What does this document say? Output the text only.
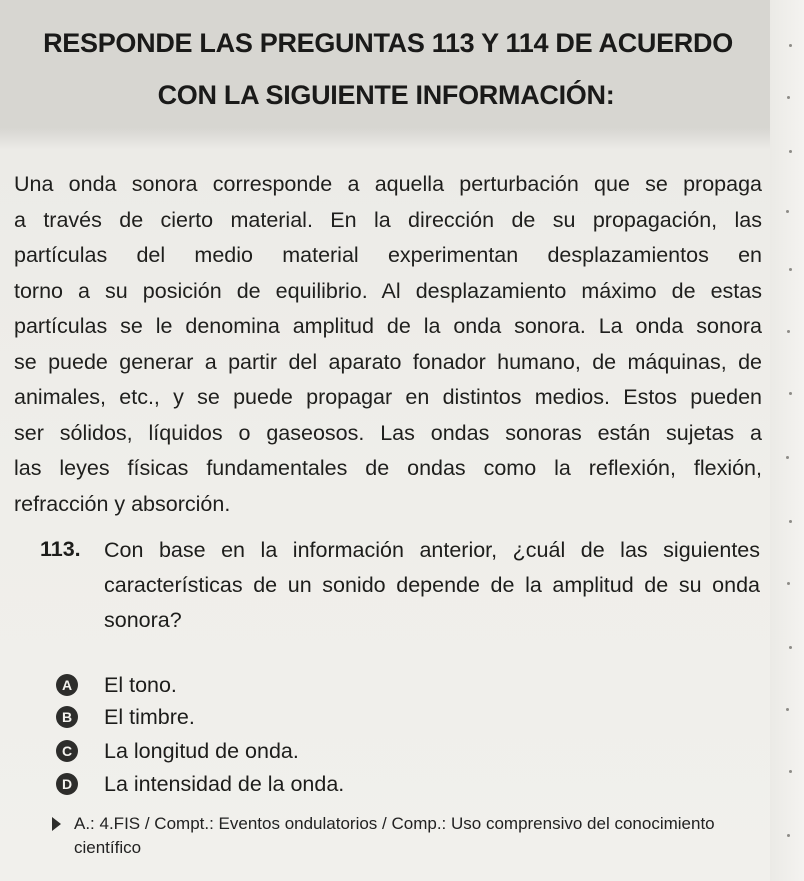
RESPONDE LAS PREGUNTAS 113 Y 114 DE ACUERDO
CON LA SIGUIENTE INFORMACIÓN:
Una onda sonora corresponde a aquella perturbación que se propaga
a través de cierto material. En la dirección de su propagación, las
partículas del medio material experimentan desplazamientos en
torno a su posición de equilibrio. Al desplazamiento máximo de estas
partículas se le denomina amplitud de la onda sonora. La onda sonora
se puede generar a partir del aparato fonador humano, de máquinas, de
animales, etc., y se puede propagar en distintos medios. Estos pueden
ser sólidos, líquidos o gaseosos. Las ondas sonoras están sujetas a
las leyes físicas fundamentales de ondas como la reflexión, flexión,
refracción y absorción.
113. Con base en la información anterior, ¿cuál de las siguientes
características de un sonido depende de la amplitud de su onda
sonora?
A El tono.
B El timbre.
C La longitud de onda.
D La intensidad de la onda.
A.: 4.FIS / Compt.: Eventos ondulatorios / Comp.: Uso comprensivo del conocimiento
científico
